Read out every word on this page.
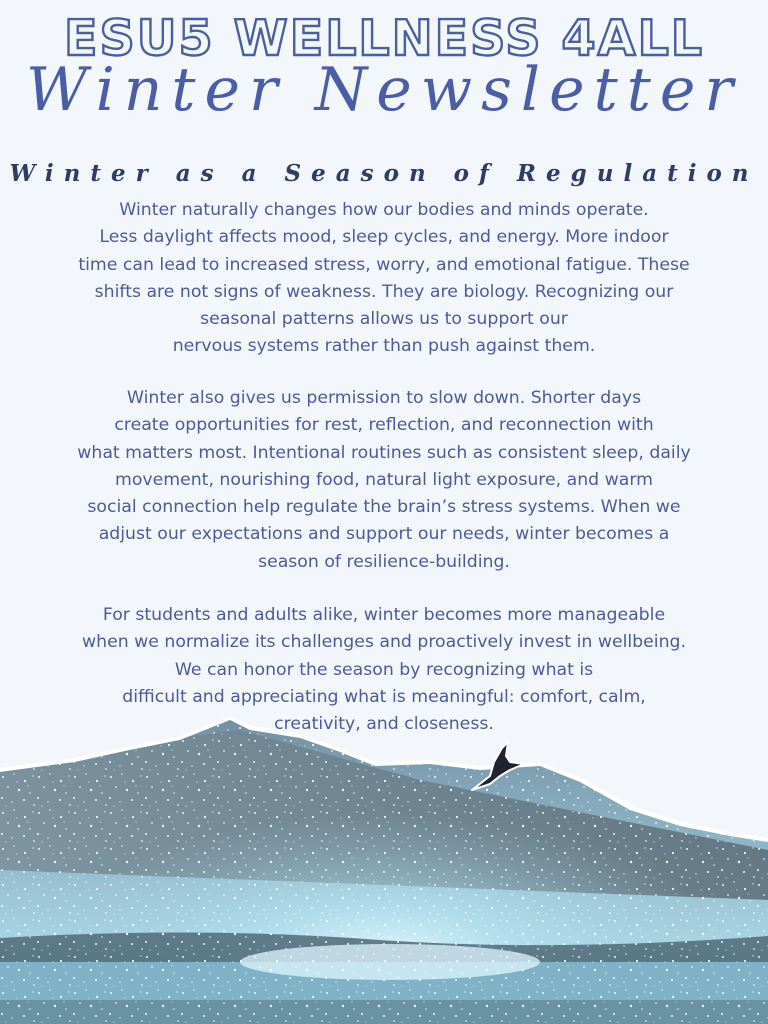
ESU5 WELLNESS 4ALL
Winter Newsletter
Winter as a Season of Regulation
Winter naturally changes how our bodies and minds operate.
Less daylight affects mood, sleep cycles, and energy. More indoor
time can lead to increased stress, worry, and emotional fatigue. These
shifts are not signs of weakness. They are biology. Recognizing our
seasonal patterns allows us to support our
nervous systems rather than push against them.
Winter also gives us permission to slow down. Shorter days
create opportunities for rest, reflection, and reconnection with
what matters most. Intentional routines such as consistent sleep, daily
movement, nourishing food, natural light exposure, and warm
social connection help regulate the brain’s stress systems. When we
adjust our expectations and support our needs, winter becomes a
season of resilience-building.
For students and adults alike, winter becomes more manageable
when we normalize its challenges and proactively invest in wellbeing.
We can honor the season by recognizing what is
difficult and appreciating what is meaningful: comfort, calm,
creativity, and closeness.
